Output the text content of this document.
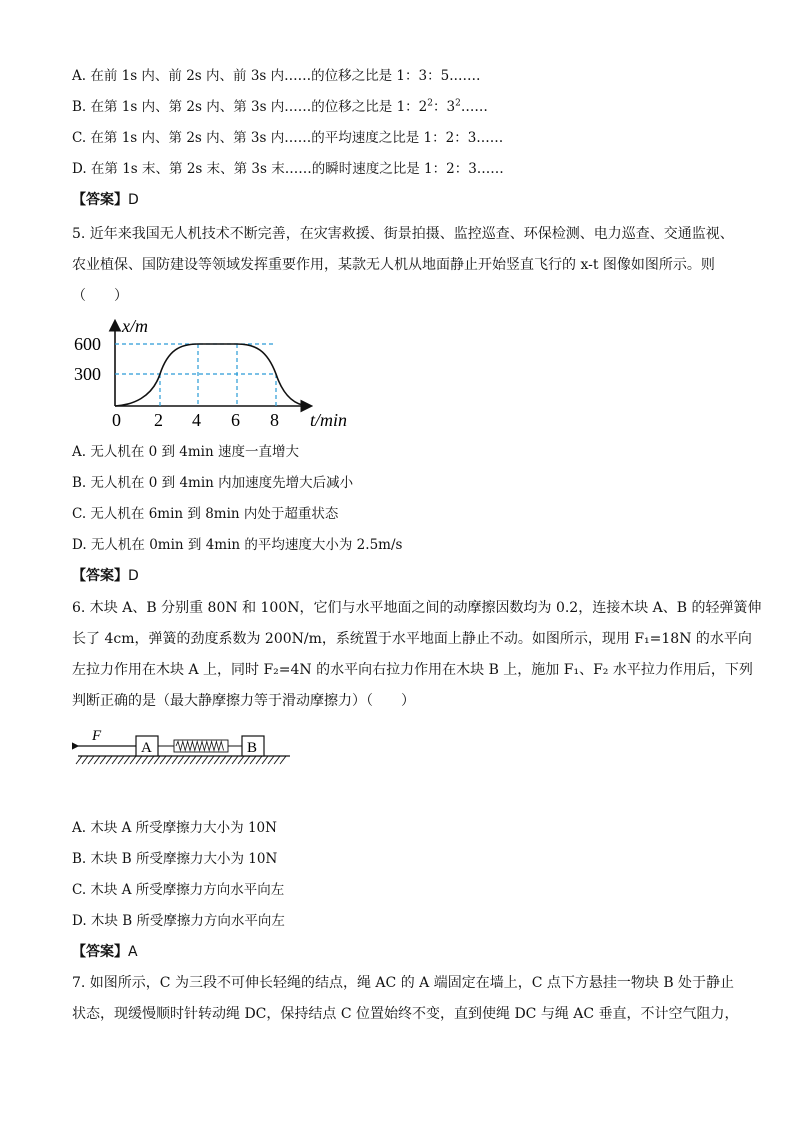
A. 在前 1s 内、前 2s 内、前 3s 内……的位移之比是 1：3：5.……
B. 在第 1s 内、第 2s 内、第 3s 内……的位移之比是 1：$2^2$：$3^2\dots\dots$
C. 在第 1s 内、第 2s 内、第 3s 内……的平均速度之比是 1：2：3……
D. 在第 1s 末、第 2s 末、第 3s 末……的瞬时速度之比是 1：2：3……
【答案】D
5. 近年来我国无人机技术不断完善，在灾害救援、街景拍摄、监控巡查、环保检测、电力巡查、交通监视、
农业植保、国防建设等领域发挥重要作用，某款无人机从地面静止开始竖直飞行的 x-t 图像如图所示。则
（　　）
x/m
600
300
0 2 4 6 8 t/min
A. 无人机在 0 到 4min 速度一直增大
B. 无人机在 0 到 4min 内加速度先增大后减小
C. 无人机在 6min 到 8min 内处于超重状态
D. 无人机在 0min 到 4min 的平均速度大小为 2.5m/s
【答案】D
6. 木块 A、B 分别重 80N 和 100N，它们与水平地面之间的动摩擦因数均为 0.2，连接木块 A、B 的轻弹簧伸
长了 4cm，弹簧的劲度系数为 200N/m，系统置于水平地面上静止不动。如图所示，现用 F₁=18N 的水平向
左拉力作用在木块 A 上，同时 F₂=4N 的水平向右拉力作用在木块 B 上，施加 F₁、F₂ 水平拉力作用后，下列
判断正确的是（最大静摩擦力等于滑动摩擦力）（　　）
F
A	B
A. 木块 A 所受摩擦力大小为 10N
B. 木块 B 所受摩擦力大小为 10N
C. 木块 A 所受摩擦力方向水平向左
D. 木块 B 所受摩擦力方向水平向左
【答案】A
7. 如图所示，C 为三段不可伸长轻绳的结点，绳 AC 的 A 端固定在墙上，C 点下方悬挂一物块 B 处于静止
状态，现缓慢顺时针转动绳 DC，保持结点 C 位置始终不变，直到使绳 DC 与绳 AC 垂直，不计空气阻力，
